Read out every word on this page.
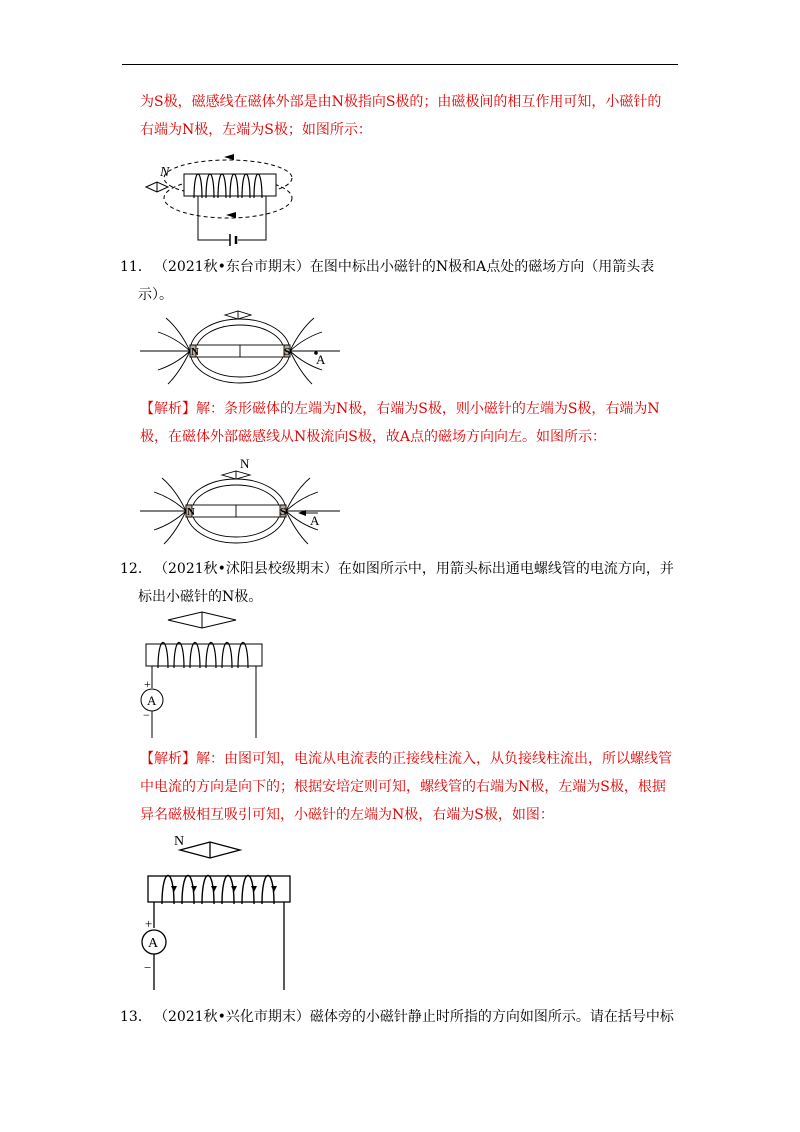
为S极，磁感线在磁体外部是由N极指向S极的；由磁极间的相互作用可知，小磁针的
右端为N极，左端为S极；如图所示：
N
11． （2021秋•东台市期末）在图中标出小磁针的N极和A点处的磁场方向（用箭头表
示）。
N	S A
【解析】解：条形磁体的左端为N极，右端为S极，则小磁针的左端为S极，右端为N
极，在磁体外部磁感线从N极流向S极，故A点的磁场方向向左。如图所示：
N
N	S
A
12． （2021秋•沭阳县校级期末）在如图所示中，用箭头标出通电螺线管的电流方向，并
标出小磁针的N极。
+
A
−
【解析】解：由图可知，电流从电流表的正接线柱流入，从负接线柱流出，所以螺线管
中电流的方向是向下的；根据安培定则可知，螺线管的右端为N极，左端为S极，根据
异名磁极相互吸引可知，小磁针的左端为N极，右端为S极，如图：
N
+
A
−
13． （2021秋•兴化市期末）磁体旁的小磁针静止时所指的方向如图所示。请在括号中标
